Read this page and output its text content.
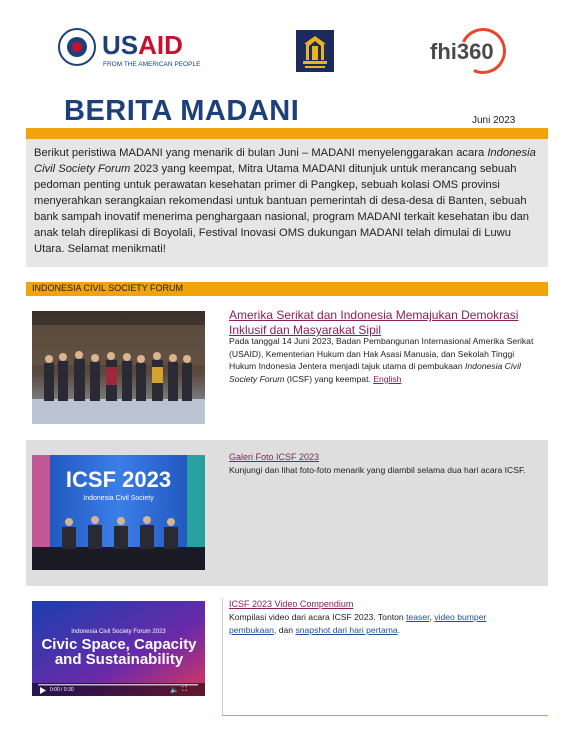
USAID
FROM THE AMERICAN PEOPLE
fhi360
BERITA MADANI	Juni 2023
Berikut peristiwa MADANI yang menarik di bulan Juni – MADANI menyelenggarakan acara Indonesia Civil Society Forum 2023 yang keempat, Mitra Utama MADANI ditunjuk untuk merancang sebuah pedoman penting untuk perawatan kesehatan primer di Pangkep, sebuah kolasi OMS provinsi menyerahkan serangkaian rekomendasi untuk bantuan pemerintah di desa-desa di Banten, sebuah bank sampah inovatif menerima penghargaan nasional, program MADANI terkait kesehatan ibu dan anak telah direplikasi di Boyolali, Festival Inovasi OMS dukungan MADANI telah dimulai di Luwu Utara. Selamat menikmati!
INDONESIA CIVIL SOCIETY FORUM
Amerika Serikat dan Indonesia Memajukan Demokrasi Inklusif dan Masyarakat Sipil
Pada tanggal 14 Juni 2023, Badan Pembangunan Internasional Amerika Serikat (USAID), Kementerian Hukum dan Hak Asasi Manusia, dan Sekolah Tinggi Hukum Indonesia Jentera menjadi tajuk utama di pembukaan Indonesia Civil Society Forum (ICSF) yang keempat. English
ICSF 2023
Indonesia Civil Society
Galeri Foto ICSF 2023
Kunjungi dan lihat foto-foto menarik yang diambil selama dua hari acara ICSF.
Indonesia Civil Society Forum 2023
Civic Space, Capacity and Sustainability
0:00 / 0:30	⛶
🔈
ICSF 2023 Video Compendium
Kompilasi video dari acara ICSF 2023. Tonton teaser, video bumper pembukaan, dan snapshot dari hari pertama.
